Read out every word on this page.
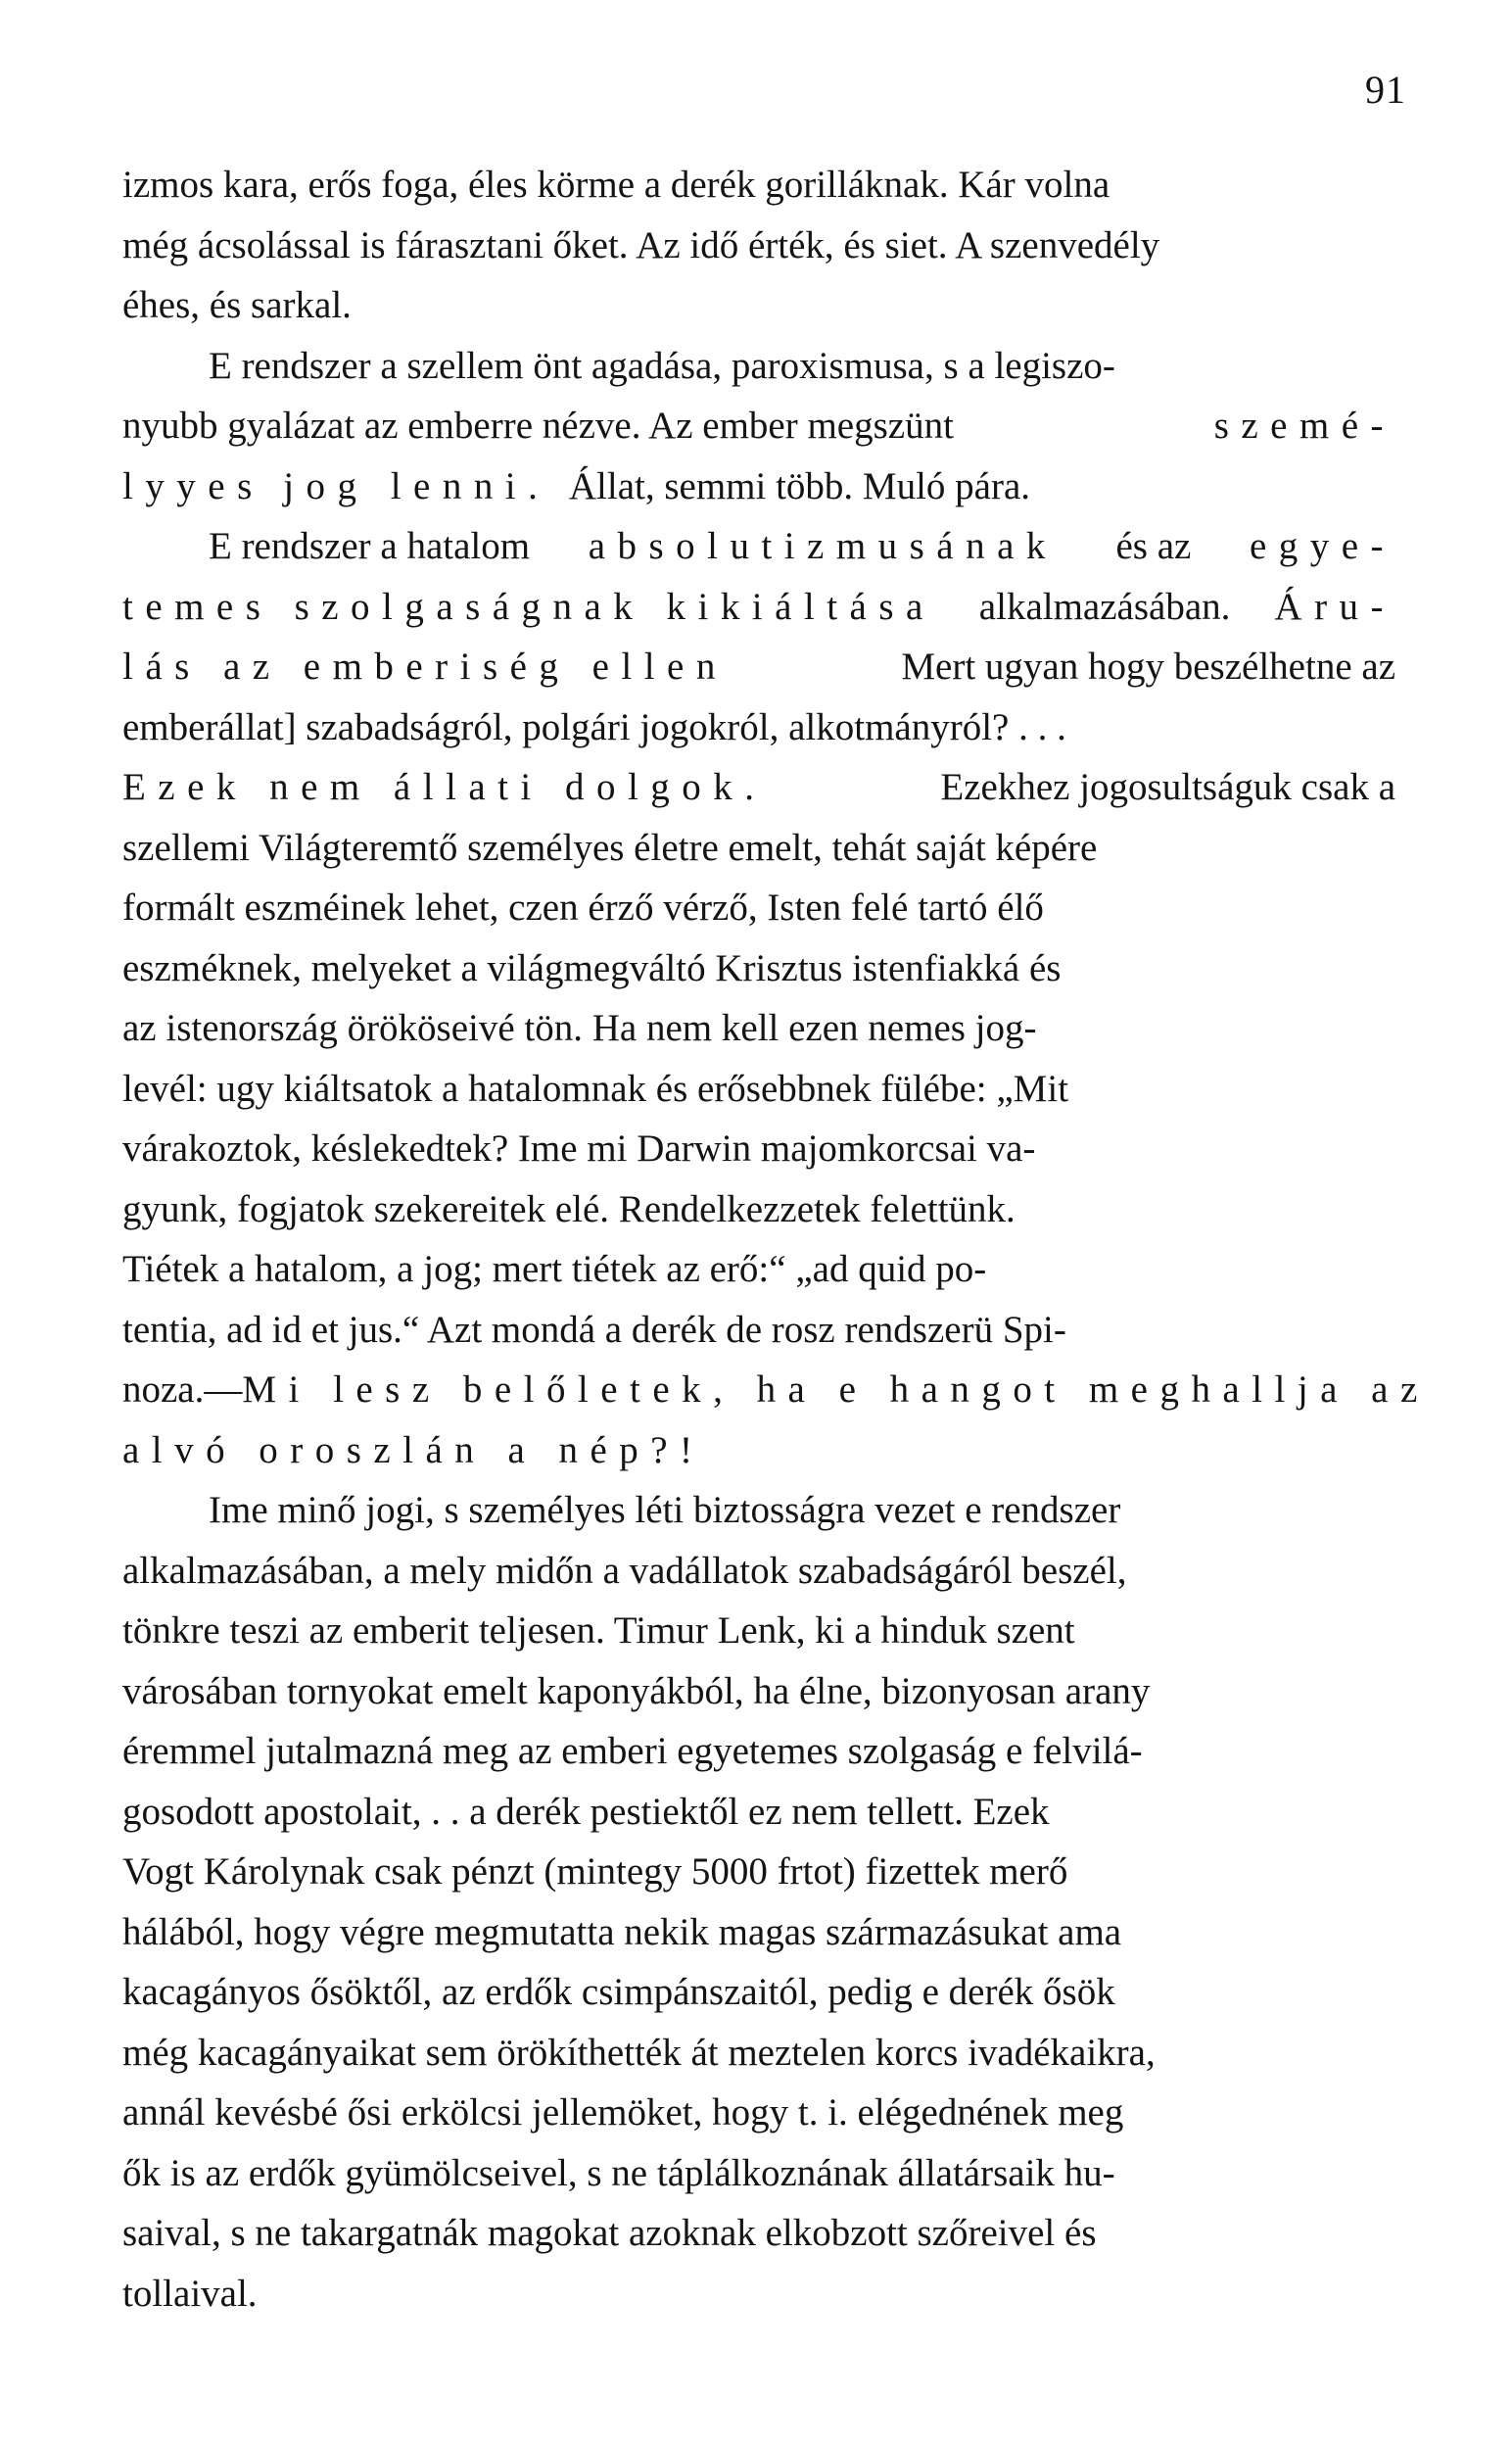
91
izmos kara, erős foga, éles körme a derék gorilláknak. Kár volna
még ácsolással is fárasztani őket. Az idő érték, és siet. A szenvedély
éhes, és sarkal.
E rendszer a szellem önt agadása, paroxismusa, s a legiszo-
nyubb gyalázat az emberre nézve. Az ember megszünt	szemé-
ly yes
jog lenni.
Állat, semmi több. Muló pára.
E rendszer a hatalom absolutizmusának és az egye-
temes szolgaságnak kikiáltása alkalmazásában. Áru-
lás az emberiség ellen	Mert ugyan hogy beszélhetne az
emberállat] szabadságról, polgári jogokról, alkotmányról? . . .
Ezek nem állati dolgok.	Ezekhez jogosultságuk csak a
szellemi Világteremtő személyes életre emelt, tehát saját képére
formált eszméinek lehet, czen érző vérző, Isten felé tartó élő
eszméknek, melyeket a világmegváltó Krisztus istenfiakká és
az istenország örököseivé tön. Ha nem kell ezen nemes jog-
levél: ugy kiáltsatok a hatalomnak és erősebbnek fülébe: „Mit
várakoztok, késlekedtek? Ime mi Darwin majomkorcsai va-
gyunk, fogjatok szekereitek elé. Rendelkezzetek felettünk.
Tiétek a hatalom, a jog; mert tiétek az erő:“ „ad quid po-
tentia, ad id et jus.“ Azt mondá a derék de rosz rendszerü Spi-
noza.— Mi lesz belőletek, ha e hangot meghallja az
alvó oroszlán a nép?!
Ime minő jogi, s személyes léti biztosságra vezet e rendszer
alkalmazásában, a mely midőn a vadállatok szabadságáról beszél,
tönkre teszi az emberit teljesen. Timur Lenk, ki a hinduk szent
városában tornyokat emelt kaponyákból, ha élne, bizonyosan arany
éremmel jutalmazná meg az emberi egyetemes szolgaság e felvilá-
gosodott apostolait, . . a derék pestiektől ez nem tellett. Ezek
Vogt Károlynak csak pénzt (mintegy 5000 frtot) fizettek merő
hálából, hogy végre megmutatta nekik magas származásukat ama
kacagányos ősöktől, az erdők csimpánszaitól, pedig e derék ősök
még kacagányaikat sem örökíthették át meztelen korcs ivadékaikra,
annál kevésbé ősi erkölcsi jellemöket, hogy t. i. elégednének meg
ők is az erdők gyümölcseivel, s ne táplálkoznának állatársaik hu-
saival, s ne takargatnák magokat azoknak elkobzott szőreivel és
tollaival.
